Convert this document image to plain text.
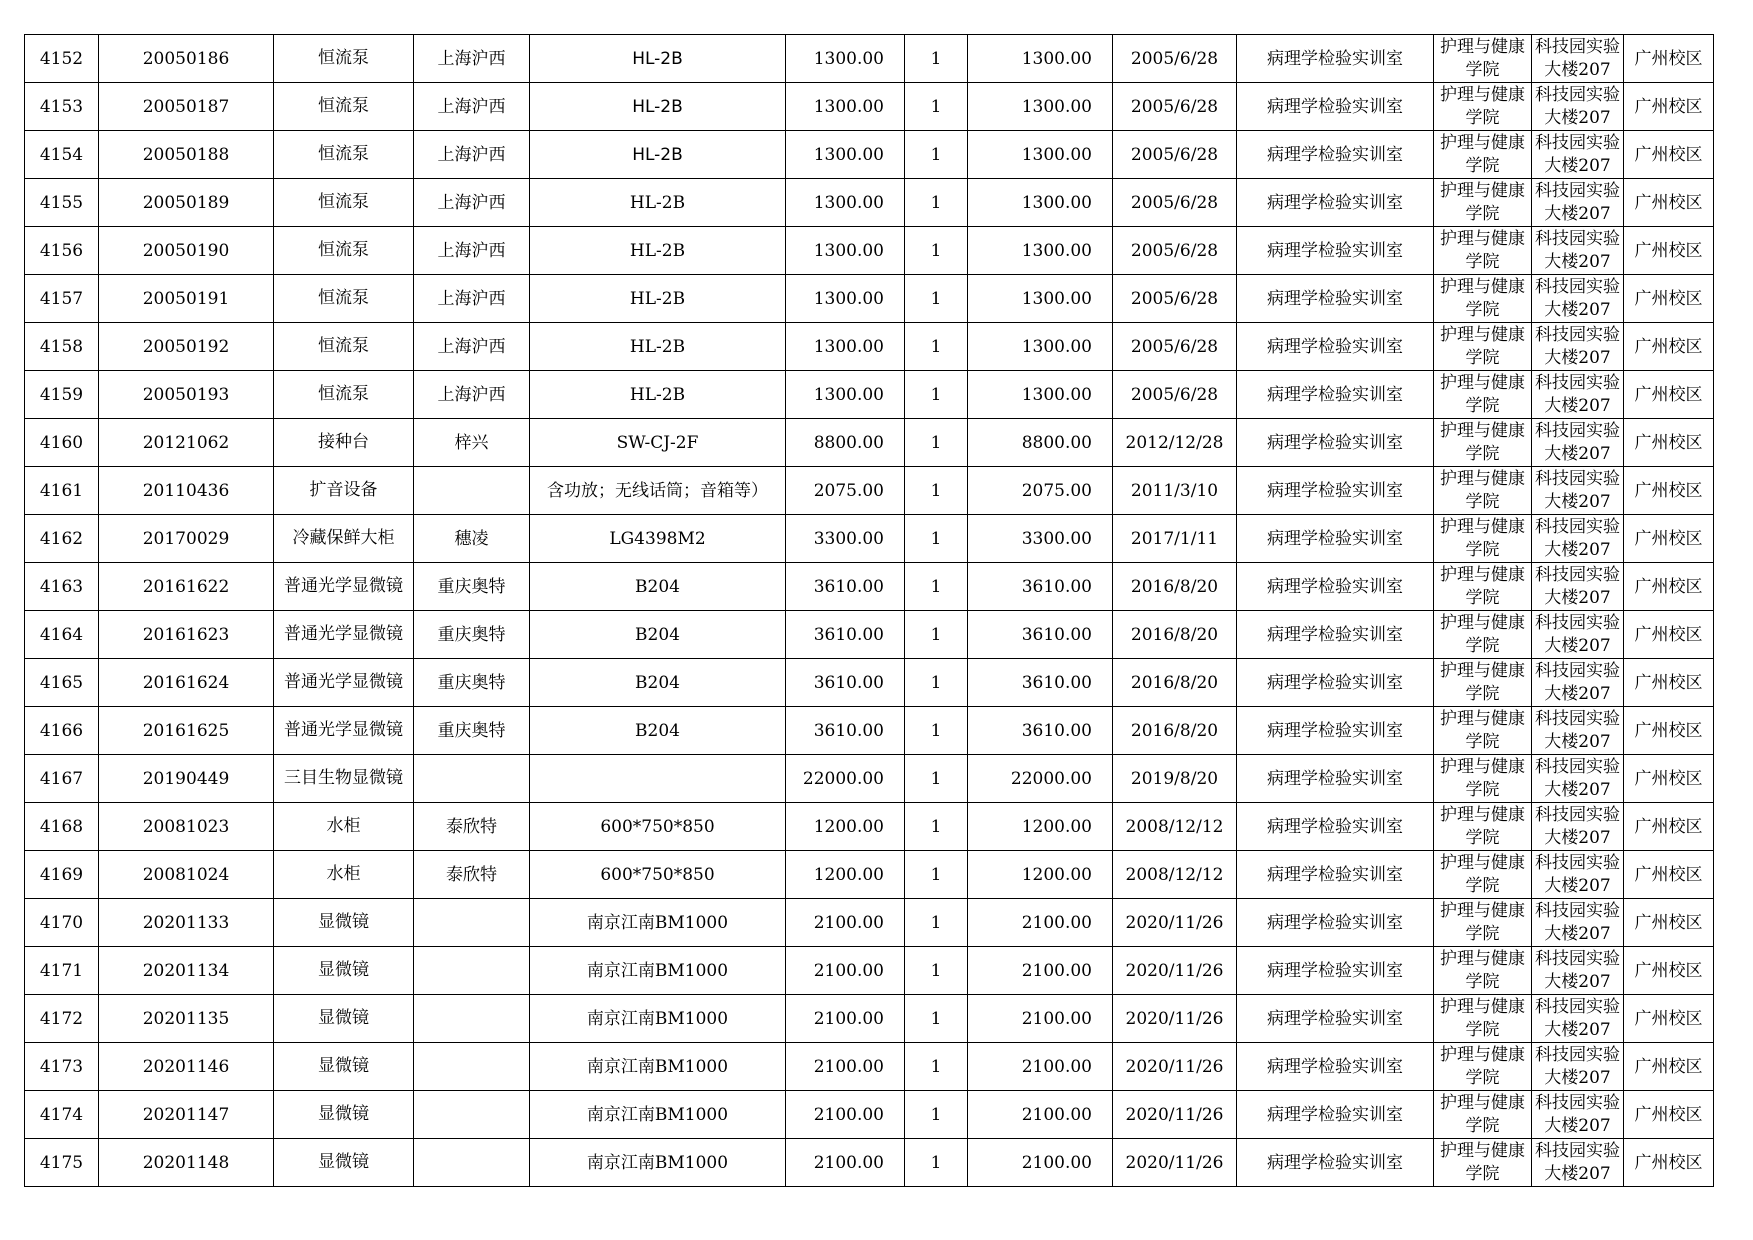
4152	20050186	恒流泵	上海沪西	HL-2B	1300.00	1	1300.00	2005/6/28	病理学检验实训室	护理与健康学院	科技园实验大楼207	广州校区
4153	20050187	恒流泵	上海沪西	HL-2B	1300.00	1	1300.00	2005/6/28	病理学检验实训室	护理与健康学院	科技园实验大楼207	广州校区
4154	20050188	恒流泵	上海沪西	HL-2B	1300.00	1	1300.00	2005/6/28	病理学检验实训室	护理与健康学院	科技园实验大楼207	广州校区
4155	20050189	恒流泵	上海沪西	HL-2B	1300.00	1	1300.00	2005/6/28	病理学检验实训室	护理与健康学院	科技园实验大楼207	广州校区
4156	20050190	恒流泵	上海沪西	HL-2B	1300.00	1	1300.00	2005/6/28	病理学检验实训室	护理与健康学院	科技园实验大楼207	广州校区
4157	20050191	恒流泵	上海沪西	HL-2B	1300.00	1	1300.00	2005/6/28	病理学检验实训室	护理与健康学院	科技园实验大楼207	广州校区
4158	20050192	恒流泵	上海沪西	HL-2B	1300.00	1	1300.00	2005/6/28	病理学检验实训室	护理与健康学院	科技园实验大楼207	广州校区
4159	20050193	恒流泵	上海沪西	HL-2B	1300.00	1	1300.00	2005/6/28	病理学检验实训室	护理与健康学院	科技园实验大楼207	广州校区
4160	20121062	接种台	梓兴	SW-CJ-2F	8800.00	1	8800.00	2012/12/28	病理学检验实训室	护理与健康学院	科技园实验大楼207	广州校区
4161	20110436	扩音设备		含功放；无线话筒；音箱等）	2075.00	1	2075.00	2011/3/10	病理学检验实训室	护理与健康学院	科技园实验大楼207	广州校区
4162	20170029	冷藏保鲜大柜	穗凌	LG4398M2	3300.00	1	3300.00	2017/1/11	病理学检验实训室	护理与健康学院	科技园实验大楼207	广州校区
4163	20161622	普通光学显微镜	重庆奥特	B204	3610.00	1	3610.00	2016/8/20	病理学检验实训室	护理与健康学院	科技园实验大楼207	广州校区
4164	20161623	普通光学显微镜	重庆奥特	B204	3610.00	1	3610.00	2016/8/20	病理学检验实训室	护理与健康学院	科技园实验大楼207	广州校区
4165	20161624	普通光学显微镜	重庆奥特	B204	3610.00	1	3610.00	2016/8/20	病理学检验实训室	护理与健康学院	科技园实验大楼207	广州校区
4166	20161625	普通光学显微镜	重庆奥特	B204	3610.00	1	3610.00	2016/8/20	病理学检验实训室	护理与健康学院	科技园实验大楼207	广州校区
4167	20190449	三目生物显微镜			22000.00	1	22000.00	2019/8/20	病理学检验实训室	护理与健康学院	科技园实验大楼207	广州校区
4168	20081023	水柜	泰欣特	600*750*850	1200.00	1	1200.00	2008/12/12	病理学检验实训室	护理与健康学院	科技园实验大楼207	广州校区
4169	20081024	水柜	泰欣特	600*750*850	1200.00	1	1200.00	2008/12/12	病理学检验实训室	护理与健康学院	科技园实验大楼207	广州校区
4170	20201133	显微镜		南京江南BM1000	2100.00	1	2100.00	2020/11/26	病理学检验实训室	护理与健康学院	科技园实验大楼207	广州校区
4171	20201134	显微镜		南京江南BM1000	2100.00	1	2100.00	2020/11/26	病理学检验实训室	护理与健康学院	科技园实验大楼207	广州校区
4172	20201135	显微镜		南京江南BM1000	2100.00	1	2100.00	2020/11/26	病理学检验实训室	护理与健康学院	科技园实验大楼207	广州校区
4173	20201146	显微镜		南京江南BM1000	2100.00	1	2100.00	2020/11/26	病理学检验实训室	护理与健康学院	科技园实验大楼207	广州校区
4174	20201147	显微镜		南京江南BM1000	2100.00	1	2100.00	2020/11/26	病理学检验实训室	护理与健康学院	科技园实验大楼207	广州校区
4175	20201148	显微镜		南京江南BM1000	2100.00	1	2100.00	2020/11/26	病理学检验实训室	护理与健康学院	科技园实验大楼207	广州校区
